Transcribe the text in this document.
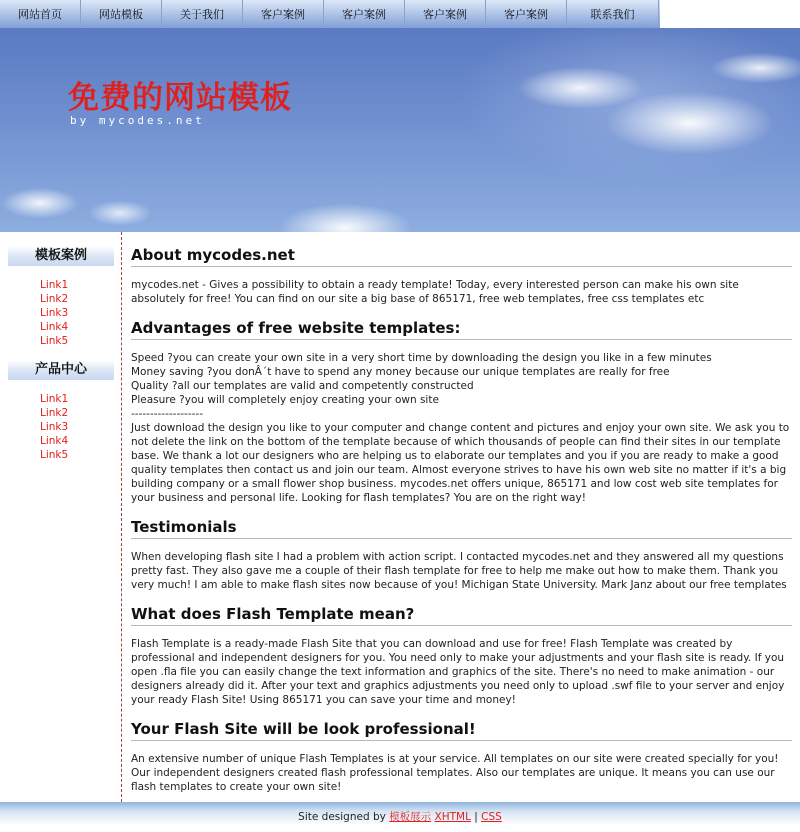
网站首页	网站模板	关于我们	客户案例	客户案例	客户案例	客户案例	联系我们
免费的网站模板
by mycodes.net
模板案例
Link1
Link2
Link3
Link4
Link5
产品中心
Link1
Link2
Link3
Link4
Link5
About mycodes.net

mycodes.net - Gives a possibility to obtain a ready template! Today, every interested person can make his own site absolutely for free! You can find on our site a big base of 865171, free web templates, free css templates etc

Advantages of free website templates:
Speed ?you can create your own site in a very short time by downloading the design you like in a few minutes
Money saving ?you donÂ´t have to spend any money because our unique templates are really for free
Quality ?all our templates are valid and competently constructed
Pleasure ?you will completely enjoy creating your own site
-------------------

Just download the design you like to your computer and change content and pictures and enjoy your own site. We ask you to not delete the link on the bottom of the template because of which thousands of people can find their sites in our template base. We thank a lot our designers who are helping us to elaborate our templates and you if you are ready to make a good quality templates then contact us and join our team. Almost everyone strives to have his own web site no matter if it's a big building company or a small flower shop business. mycodes.net offers unique, 865171 and low cost web site templates for your business and personal life. Looking for flash templates? You are on the right way!

Testimonials

When developing flash site I had a problem with action script. I contacted mycodes.net and they answered all my questions pretty fast. They also gave me a couple of their flash template for free to help me make out how to make them. Thank you very much! I am able to make flash sites now because of you! Michigan State University. Mark Janz about our free templates

What does Flash Template mean?

Flash Template is a ready-made Flash Site that you can download and use for free! Flash Template was created by professional and independent designers for you. You need only to make your adjustments and your flash site is ready. If you open .fla file you can easily change the text information and graphics of the site. There's no need to make animation - our designers already did it. After your text and graphics adjustments you need only to upload .swf file to your server and enjoy your ready Flash Site! Using 865171 you can save your time and money!

Your Flash Site will be look professional!

An extensive number of unique Flash Templates is at your service. All templates on our site were created specially for you! Our independent designers created flash professional templates. Also our templates are unique. It means you can use our flash templates to create your own site!

Site designed by 模板展示 XHTML | CSS
